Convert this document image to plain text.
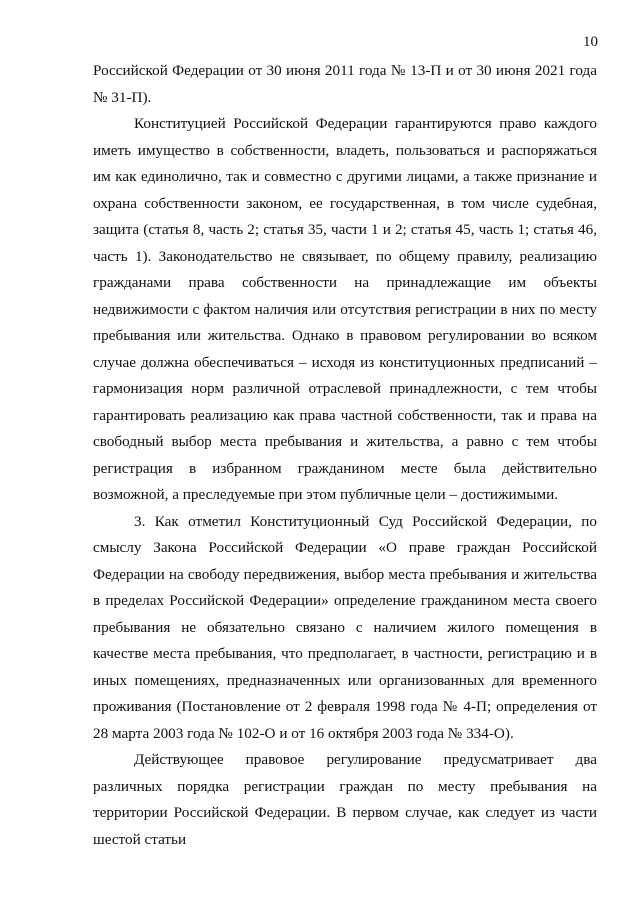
10

Российской Федерации от 30 июня 2011 года № 13-П и от 30 июня 2021 года № 31-П).

Конституцией Российской Федерации гарантируются право каждого иметь имущество в собственности, владеть, пользоваться и распоряжаться им как единолично, так и совместно с другими лицами, а также признание и охрана собственности законом, ее государственная, в том числе судебная, защита (статья 8, часть 2; статья 35, части 1 и 2; статья 45, часть 1; статья 46, часть 1). Законодательство не связывает, по общему правилу, реализацию гражданами права собственности на принадлежащие им объекты недвижимости с фактом наличия или отсутствия регистрации в них по месту пребывания или жительства. Однако в правовом регулировании во всяком случае должна обеспечиваться – исходя из конституционных предписаний – гармонизация норм различной отраслевой принадлежности, с тем чтобы гарантировать реализацию как права частной собственности, так и права на свободный выбор места пребывания и жительства, а равно с тем чтобы регистрация в избранном гражданином месте была действительно возможной, а преследуемые при этом публичные цели – достижимыми.

3. Как отметил Конституционный Суд Российской Федерации, по смыслу Закона Российской Федерации «О праве граждан Российской Федерации на свободу передвижения, выбор места пребывания и жительства в пределах Российской Федерации» определение гражданином места своего пребывания не обязательно связано с наличием жилого помещения в качестве места пребывания, что предполагает, в частности, регистрацию и в иных помещениях, предназначенных или организованных для временного проживания (Постановление от 2 февраля 1998 года № 4-П; определения от 28 марта 2003 года № 102-О и от 16 октября 2003 года № 334-О).

Действующее правовое регулирование предусматривает два различных порядка регистрации граждан по месту пребывания на территории Российской Федерации. В первом случае, как следует из части шестой статьи
